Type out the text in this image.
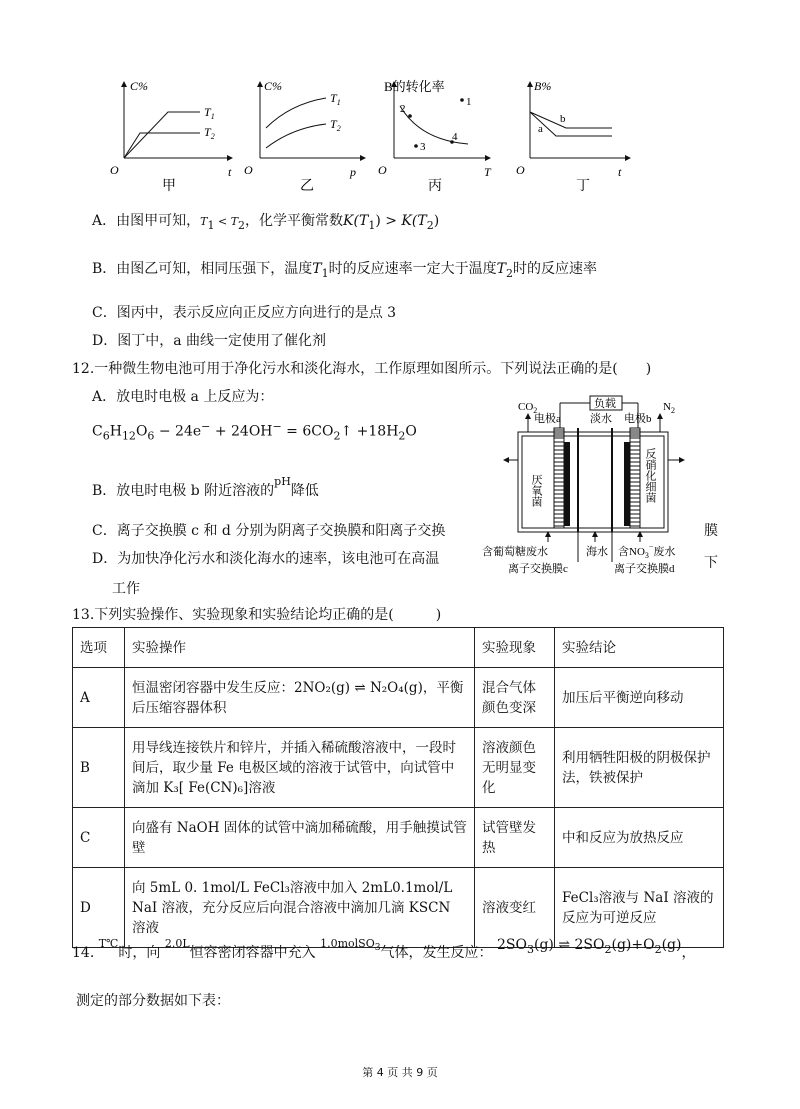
C%
$T_1$
$T_2$
O	t
甲
C%
$T_1$
$T_2$
O	p
乙
B的转化率
1
2
3
4
O	T
丙
B%
a
b
O	t
丁
A．由图甲可知，$T_1 < T_2$，化学平衡常数$K(T_1) > K(T_2)$
B．由图乙可知，相同压强下，温度$T_1$时的反应速率一定大于温度$T_2$时的反应速率
C．图丙中，表示反应向正反应方向进行的是点 3
D．图丁中，a 曲线一定使用了催化剂
12.一种微生物电池可用于净化污水和淡化海水，工作原理如图所示。下列说法正确的是(　　)
A．放电时电极 a 上反应为：
$C_6H_{12}O_6 - 24e^- + 24OH^-$ = $6CO_2↑ +18H_2O$
B．放电时电极 b 附近溶液的$^{pH}$降低
C．离子交换膜 c 和 d 分别为阴离子交换膜和阳离子交换	膜
D．为加快净化污水和淡化海水的速率，该电池可在高温	下
工作
负载
$CO_2$	$N_2$
电极a	淡水 电极b
厌氧菌	反硝化细菌
含葡萄糖废水	海水 含$NO_3^-$废水
离子交换膜c	离子交换膜d
13.下列实验操作、实验现象和实验结论均正确的是(　　　)
选项	实验操作	实验现象	实验结论
A	恒温密闭容器中发生反应：2NO₂(g) ⇌ N₂O₄(g)，平衡后压缩容器体积	混合气体颜色变深	加压后平衡逆向移动
B	用导线连接铁片和锌片，并插入稀硫酸溶液中，一段时间后，取少量 Fe 电极区域的溶液于试管中，向试管中滴加 K₃[ Fe(CN)₆]溶液	溶液颜色无明显变化	利用牺牲阳极的阴极保护法，铁被保护
C	向盛有 NaOH 固体的试管中滴加稀硫酸，用手触摸试管壁	试管壁发热	中和反应为放热反应
D	向 5mL 0. 1mol/L FeCl₃溶液中加入 2mL0.1mol/L NaI 溶液，充分反应后向混合溶液中滴加几滴 KSCN 溶液	溶液变红	FeCl₃溶液与 NaI 溶液的反应为可逆反应
14. $^{T℃}$时，向 $^{2.0L}$恒容密闭容器中充入 $^{1.0molSO_3}$气体，发生反应： $2SO_3(g)$ ⇌ $2SO_2(g)+O_2(g)$，
测定的部分数据如下表：
第 4 页 共 9 页
